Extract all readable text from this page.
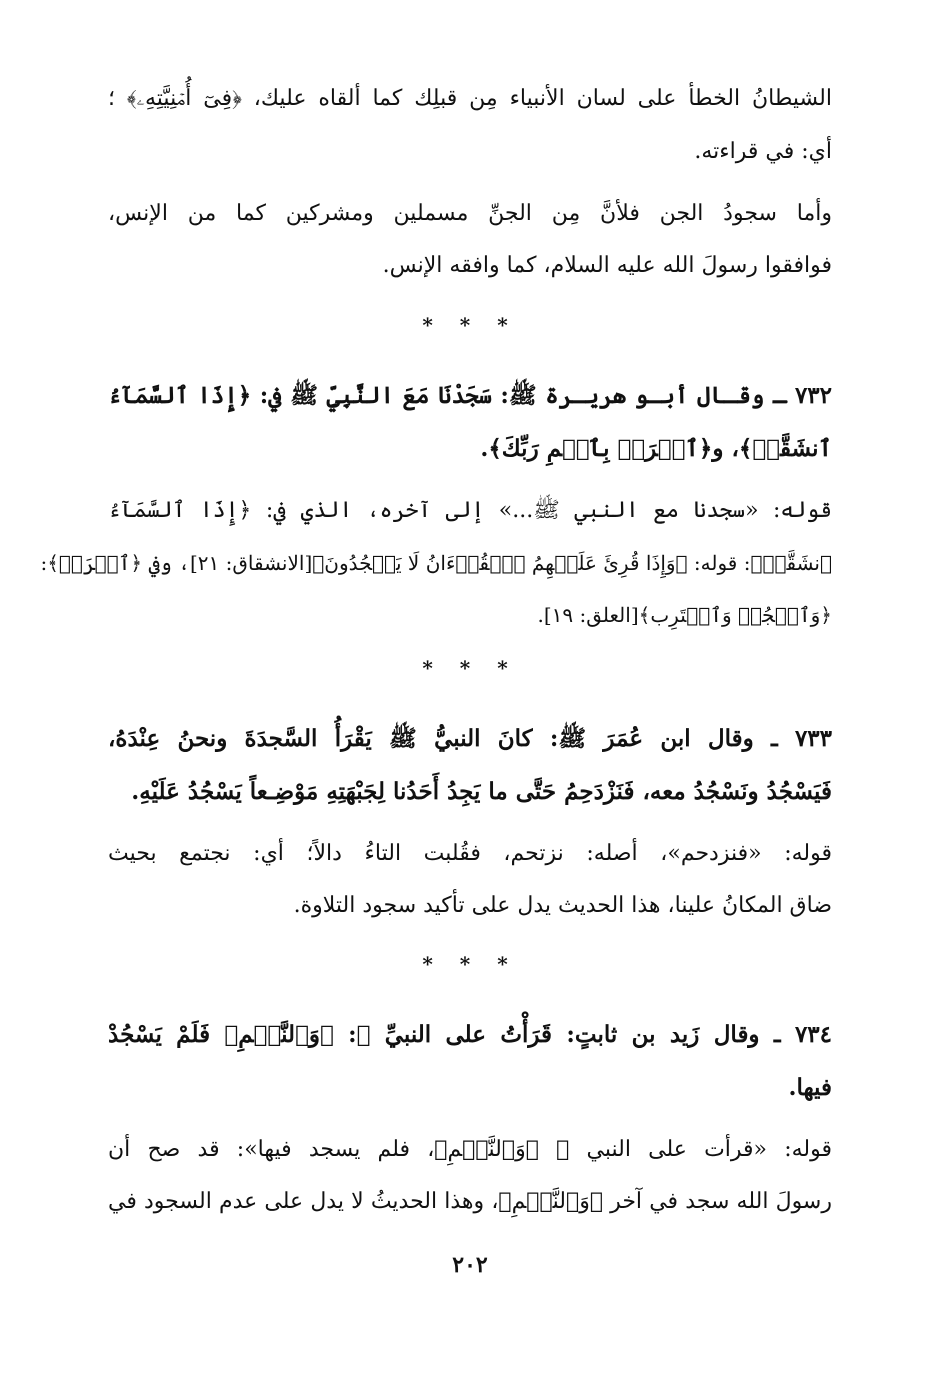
الشيطانُ الخطأ على لسان الأنبياء مِن قبلِك كما ألقاه عليك، ﴿فِىٓ أُمۡنِيَّتِهِۦ﴾ ؛
أي: في قراءته.
وأما سجودُ الجن فلأنَّ مِن الجنِّ مسملين ومشركين كما من الإنس،
فوافقوا رسولَ الله عليه السلام، كما وافقه الإنس.
* * *
٧٣٢ ـ وقـال أبـو هريـرة ﷺ: سَجَدْنَا مَعَ النَّبِيِّ ﷺ في: ﴿إِذَا ٱلسَّمَآءُ
ٱنشَقَّتۡ﴾، و﴿ٱقۡرَأۡ بِٱسۡمِ رَبِّكَ﴾.
قوله: «سجدنا مع النبي ﷺ...» إلى آخره، الذي في: ﴿إِذَا ٱلسَّمَآءُ
ٱنشَقَّتۡ﴾: قوله: ﴿وَإِذَا قُرِئَ عَلَيۡهِمُ ٱلۡقُرۡءَانُ لَا يَسۡجُدُونَ﴾[الانشقاق: ٢١]، وفي ﴿ٱقۡرَأۡ﴾:
﴿وَٱسۡجُدۡ وَٱقۡتَرِب﴾[العلق: ١٩].
* * *
٧٣٣ ـ وقال ابن عُمَرَ ﷺ: كانَ النبيُّ ﷺ يَقْرَأُ السَّجدَةَ ونحنُ عِنْدَهُ،
فَيَسْجُدُ ونَسْجُدُ معه، فَنَزْدَحِمُ حَتَّى ما يَجِدُ أَحَدُنا لِجَبْهَتِهِ مَوْضِـعاً يَسْجُدُ عَلَيْهِ.
قوله: «فنزدحم»، أصله: نزتحم، فقُلبت التاءُ دالاً؛ أي: نجتمع بحيث
ضاق المكانُ علينا، هذا الحديث يدل على تأكيد سجود التلاوة.
* * *
٧٣٤ ـ وقال زَيد بن ثابتٍ: قَرَأْتُ على النبيِّ ﷺ: ﴿وَٱلنَّجۡمِ﴾ فَلَمْ يَسْجُدْ
فيها.
قوله: «قرأت على النبي ﷺ ﴿وَٱلنَّجۡمِ﴾، فلم يسجد فيها»: قد صح أن
رسولَ الله سجد في آخر ﴿وَٱلنَّجۡمِ﴾، وهذا الحديثُ لا يدل على عدم السجود في
٢٠٢
